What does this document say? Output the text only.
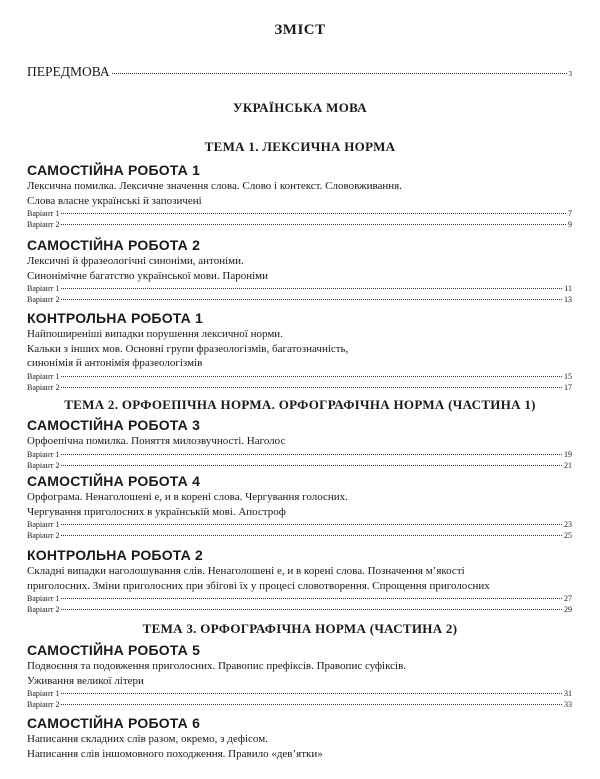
ЗМІСТ
ПЕРЕДМОВА	3
УКРАЇНСЬКА МОВА
ТЕМА 1. ЛЕКСИЧНА НОРМА

САМОСТІЙНА РОБОТА 1

Лексична помилка. Лексичне значення слова. Слово і контекст. Слововживання.

Слова власне українські й запозичені

Варіант 1	7
Варіант 2	9

САМОСТІЙНА РОБОТА 2

Лексичні й фразеологічні синоніми, антоніми.

Синонімічне багатство української мови. Пароніми

Варіант 1	11
Варіант 2	13

КОНТРОЛЬНА РОБОТА 1

Найпоширеніші випадки порушення лексичної норми.

Кальки з інших мов. Основні групи фразеологізмів, багатозначність,

синонімія й антонімія фразеологізмів

Варіант 1	15
Варіант 2	17
ТЕМА 2. ОРФОЕПІЧНА НОРМА. ОРФОГРАФІЧНА НОРМА (ЧАСТИНА 1)

САМОСТІЙНА РОБОТА 3

Орфоепічна помилка. Поняття милозвучності. Наголос

Варіант 1	19
Варіант 2	21

САМОСТІЙНА РОБОТА 4

Орфограма. Ненаголошені е, и в корені слова. Чергування голосних.

Чергування приголосних в українській мові. Апостроф

Варіант 1	23
Варіант 2	25

КОНТРОЛЬНА РОБОТА 2

Складні випадки наголошування слів. Ненаголошені е, и в корені слова. Позначення м’якості

приголосних. Зміни приголосних при збігові їх у процесі словотворення. Спрощення приголосних

Варіант 1	27
Варіант 2	29
ТЕМА 3. ОРФОГРАФІЧНА НОРМА (ЧАСТИНА 2)

САМОСТІЙНА РОБОТА 5

Подвоєння та подовження приголосних. Правопис префіксів. Правопис суфіксів.

Уживання великої літери

Варіант 1	31
Варіант 2	33

САМОСТІЙНА РОБОТА 6

Написання складних слів разом, окремо, з дефісом.

Написання слів іншомовного походження. Правило «дев’ятки»
